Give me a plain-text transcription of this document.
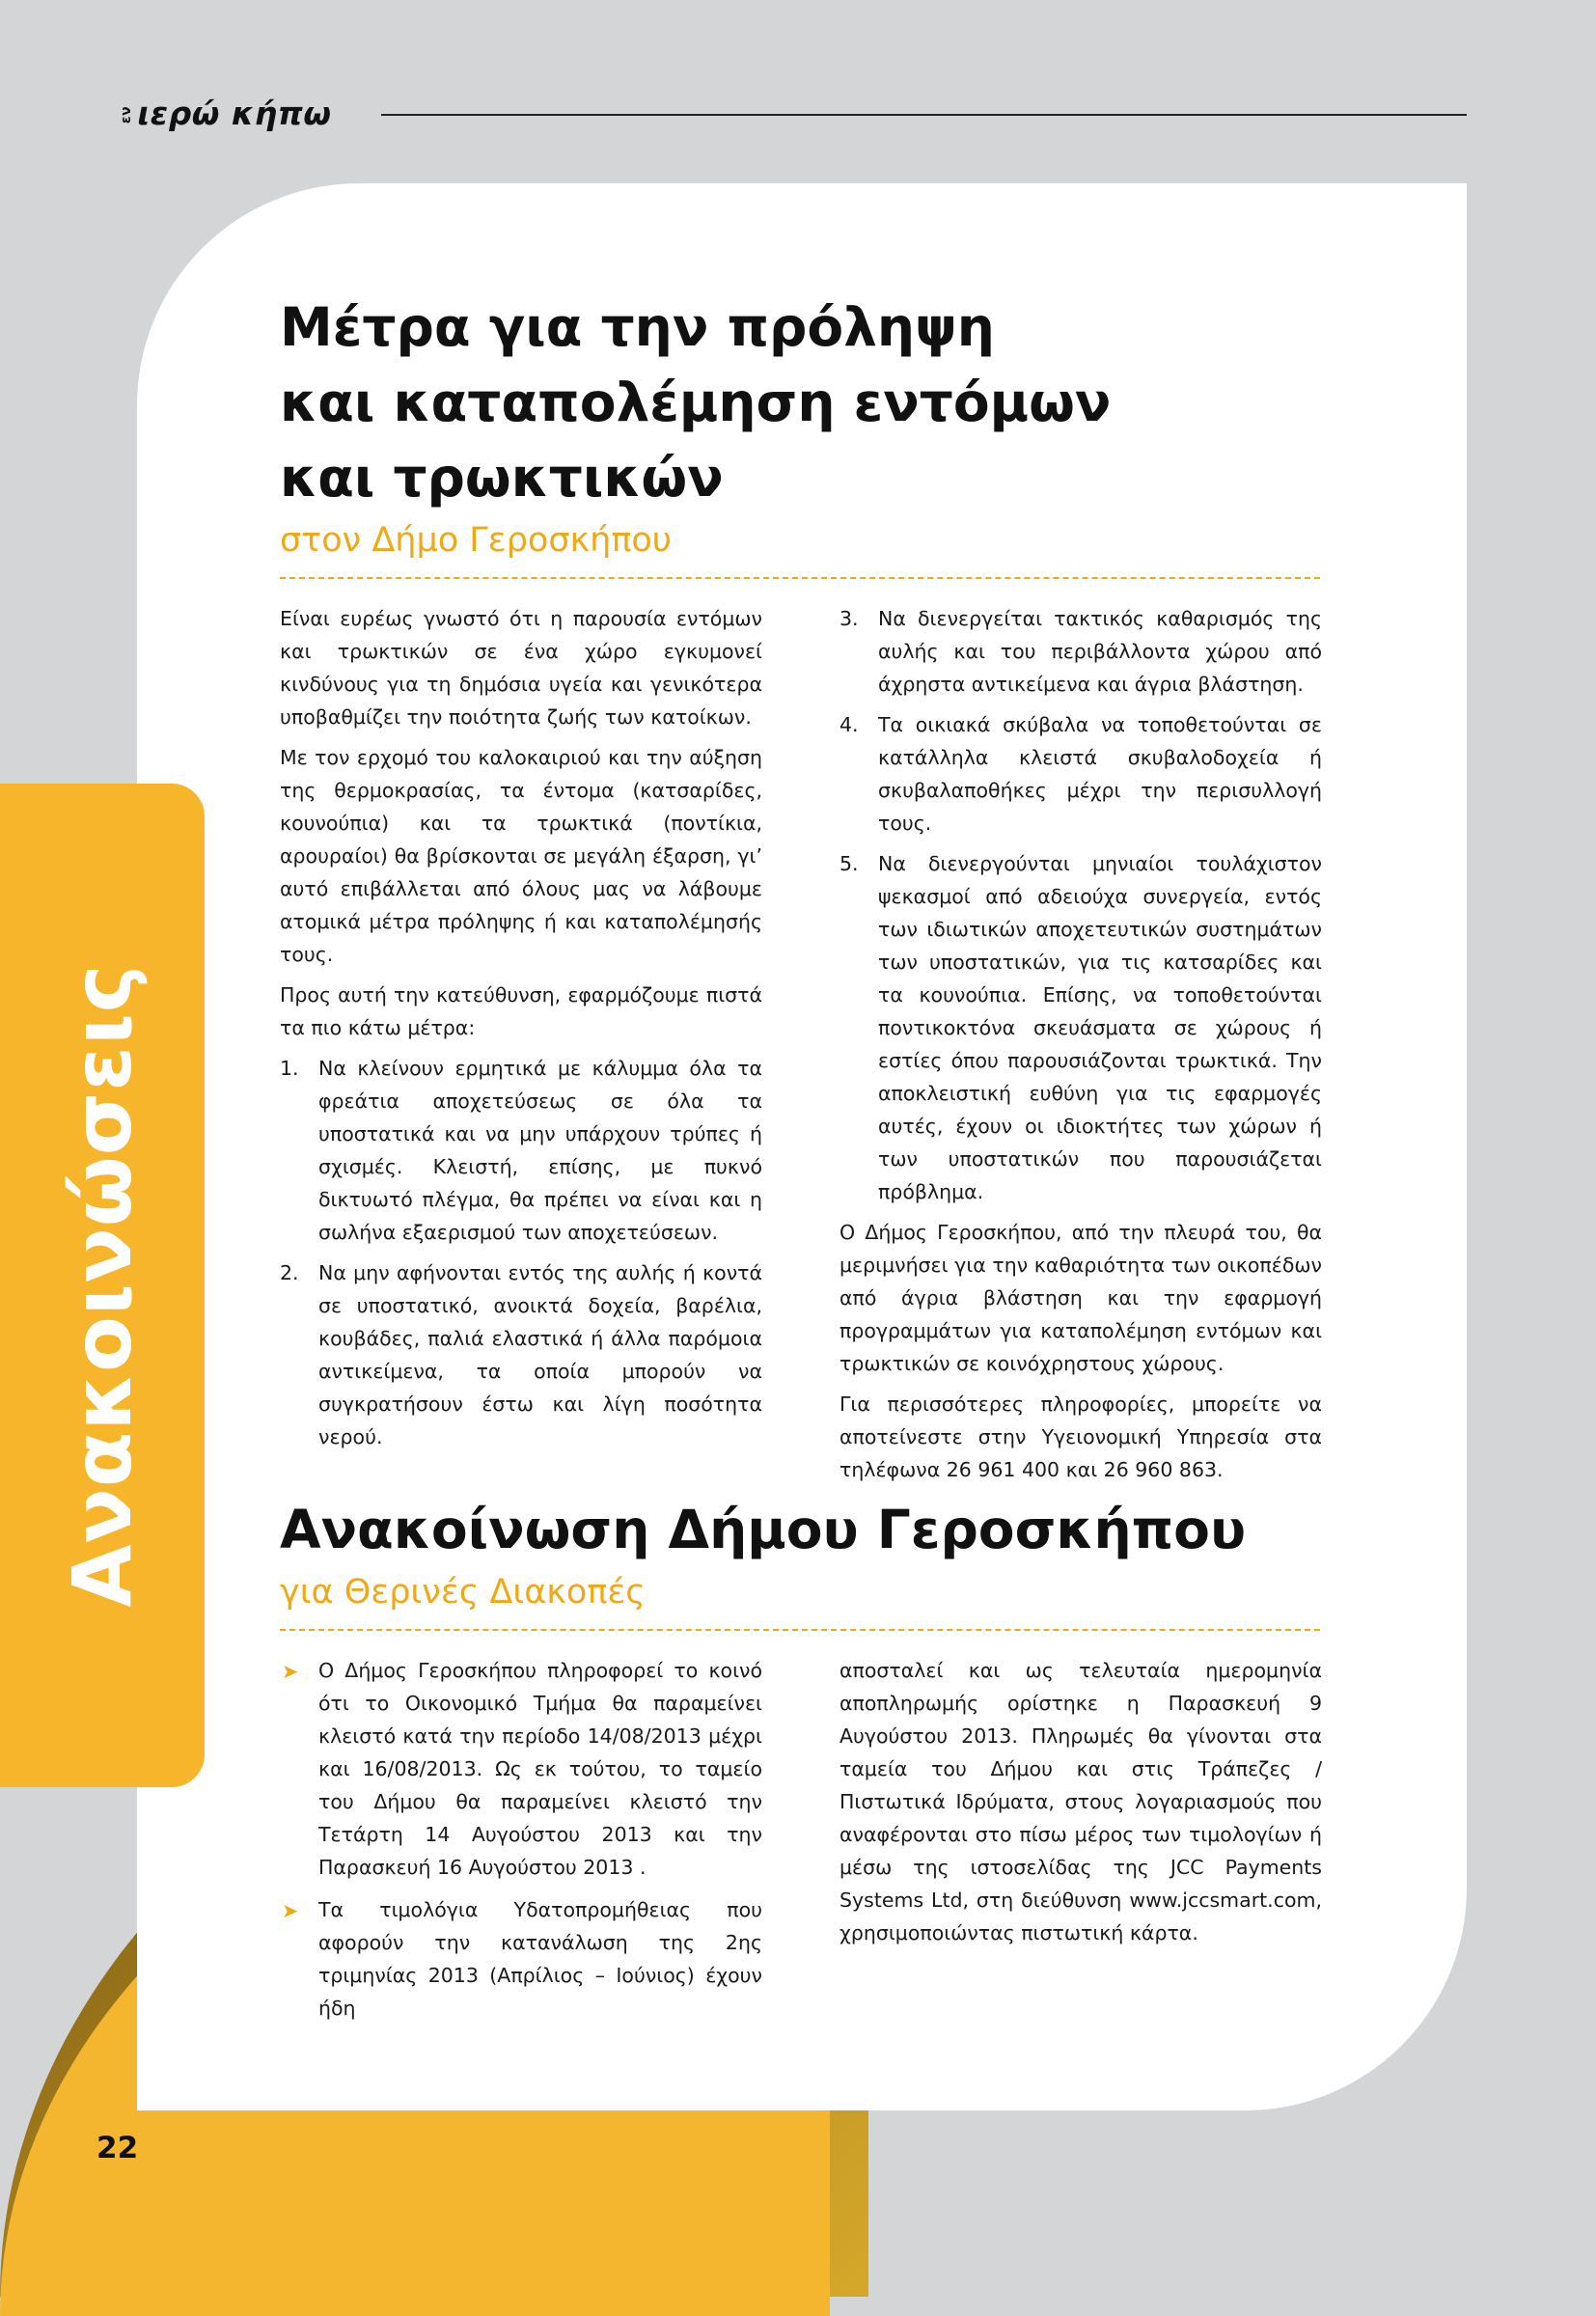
ενιερώ κήπω
Ανακοινώσεις
Μέτρα για την πρόληψη
και καταπολέμηση εντόμων
και τρωκτικών
στον Δήμο Γεροσκήπου

Είναι ευρέως γνωστό ότι η παρουσία εντόμων και τρωκτικών σε ένα χώρο εγκυμονεί κινδύνους για τη δημόσια υγεία και γενικότερα υποβαθμίζει την ποιότητα ζωής των κατοίκων.

Με τον ερχομό του καλοκαιριού και την αύξηση της θερμοκρασίας, τα έντομα (κατσαρίδες, κουνούπια) και τα τρωκτικά (ποντίκια, αρουραίοι) θα βρίσκονται σε μεγάλη έξαρση, γι’ αυτό επιβάλλεται από όλους μας να λάβουμε ατομικά μέτρα πρόληψης ή και καταπολέμησής τους.

Προς αυτή την κατεύθυνση, εφαρμόζουμε πιστά τα πιο κάτω μέτρα:

1. Να κλείνουν ερμητικά με κάλυμμα όλα τα φρεάτια αποχετεύσεως σε όλα τα υποστατικά και να μην υπάρχουν τρύπες ή σχισμές. Κλειστή, επίσης, με πυκνό δικτυωτό πλέγμα, θα πρέπει να είναι και η σωλήνα εξαερισμού των αποχετεύσεων.
2. Να μην αφήνονται εντός της αυλής ή κοντά σε υποστατικό, ανοικτά δοχεία, βαρέλια, κουβάδες, παλιά ελαστικά ή άλλα παρόμοια αντικείμενα, τα οποία μπορούν να συγκρατήσουν έστω και λίγη ποσότητα νερού.
3. Να διενεργείται τακτικός καθαρισμός της αυλής και του περιβάλλοντα χώρου από άχρηστα αντικείμενα και άγρια βλάστηση.
4. Τα οικιακά σκύβαλα να τοποθετούνται σε κατάλληλα κλειστά σκυβαλοδοχεία ή σκυβαλαποθήκες μέχρι την περισυλλογή τους.
5. Να διενεργούνται μηνιαίοι τουλάχιστον ψεκασμοί από αδειούχα συνεργεία, εντός των ιδιωτικών αποχετευτικών συστημάτων των υποστατικών, για τις κατσαρίδες και τα κουνούπια. Επίσης, να τοποθετούνται ποντικοκτόνα σκευάσματα σε χώρους ή εστίες όπου παρουσιάζονται τρωκτικά. Την αποκλειστική ευθύνη για τις εφαρμογές αυτές, έχουν οι ιδιοκτήτες των χώρων ή των υποστατικών που παρουσιάζεται πρόβλημα.

Ο Δήμος Γεροσκήπου, από την πλευρά του, θα μεριμνήσει για την καθαριότητα των οικοπέδων από άγρια βλάστηση και την εφαρμογή προγραμμάτων για καταπολέμηση εντόμων και τρωκτικών σε κοινόχρηστους χώρους.

Για περισσότερες πληροφορίες, μπορείτε να αποτείνεστε στην Υγειονομική Υπηρεσία στα τηλέφωνα 26 961 400 και 26 960 863.

Ανακοίνωση Δήμου Γεροσκήπου
για Θερινές Διακοπές
➤ Ο Δήμος Γεροσκήπου πληροφορεί το κοινό ότι το Οικονομικό Τμήμα θα παραμείνει κλειστό κατά την περίοδο 14/08/2013 μέχρι και 16/08/2013. Ως εκ τούτου, το ταμείο του Δήμου θα παραμείνει κλειστό την Τετάρτη 14 Αυγούστου 2013 και την Παρασκευή 16 Αυγούστου 2013 .
➤ Τα τιμολόγια Υδατοπρομήθειας που αφορούν την κατανάλωση της 2ης τριμηνίας 2013 (Απρίλιος – Ιούνιος) έχουν ήδη

αποσταλεί και ως τελευταία ημερομηνία αποπληρωμής ορίστηκε η Παρασκευή 9 Αυγούστου 2013. Πληρωμές θα γίνονται στα ταμεία του Δήμου και στις Τράπεζες / Πιστωτικά Ιδρύματα, στους λογαριασμούς που αναφέρονται στο πίσω μέρος των τιμολογίων ή μέσω της ιστοσελίδας της JCC Payments Systems Ltd, στη διεύθυνση www.jccsmart.com, χρησιμοποιώντας πιστωτική κάρτα.

22
